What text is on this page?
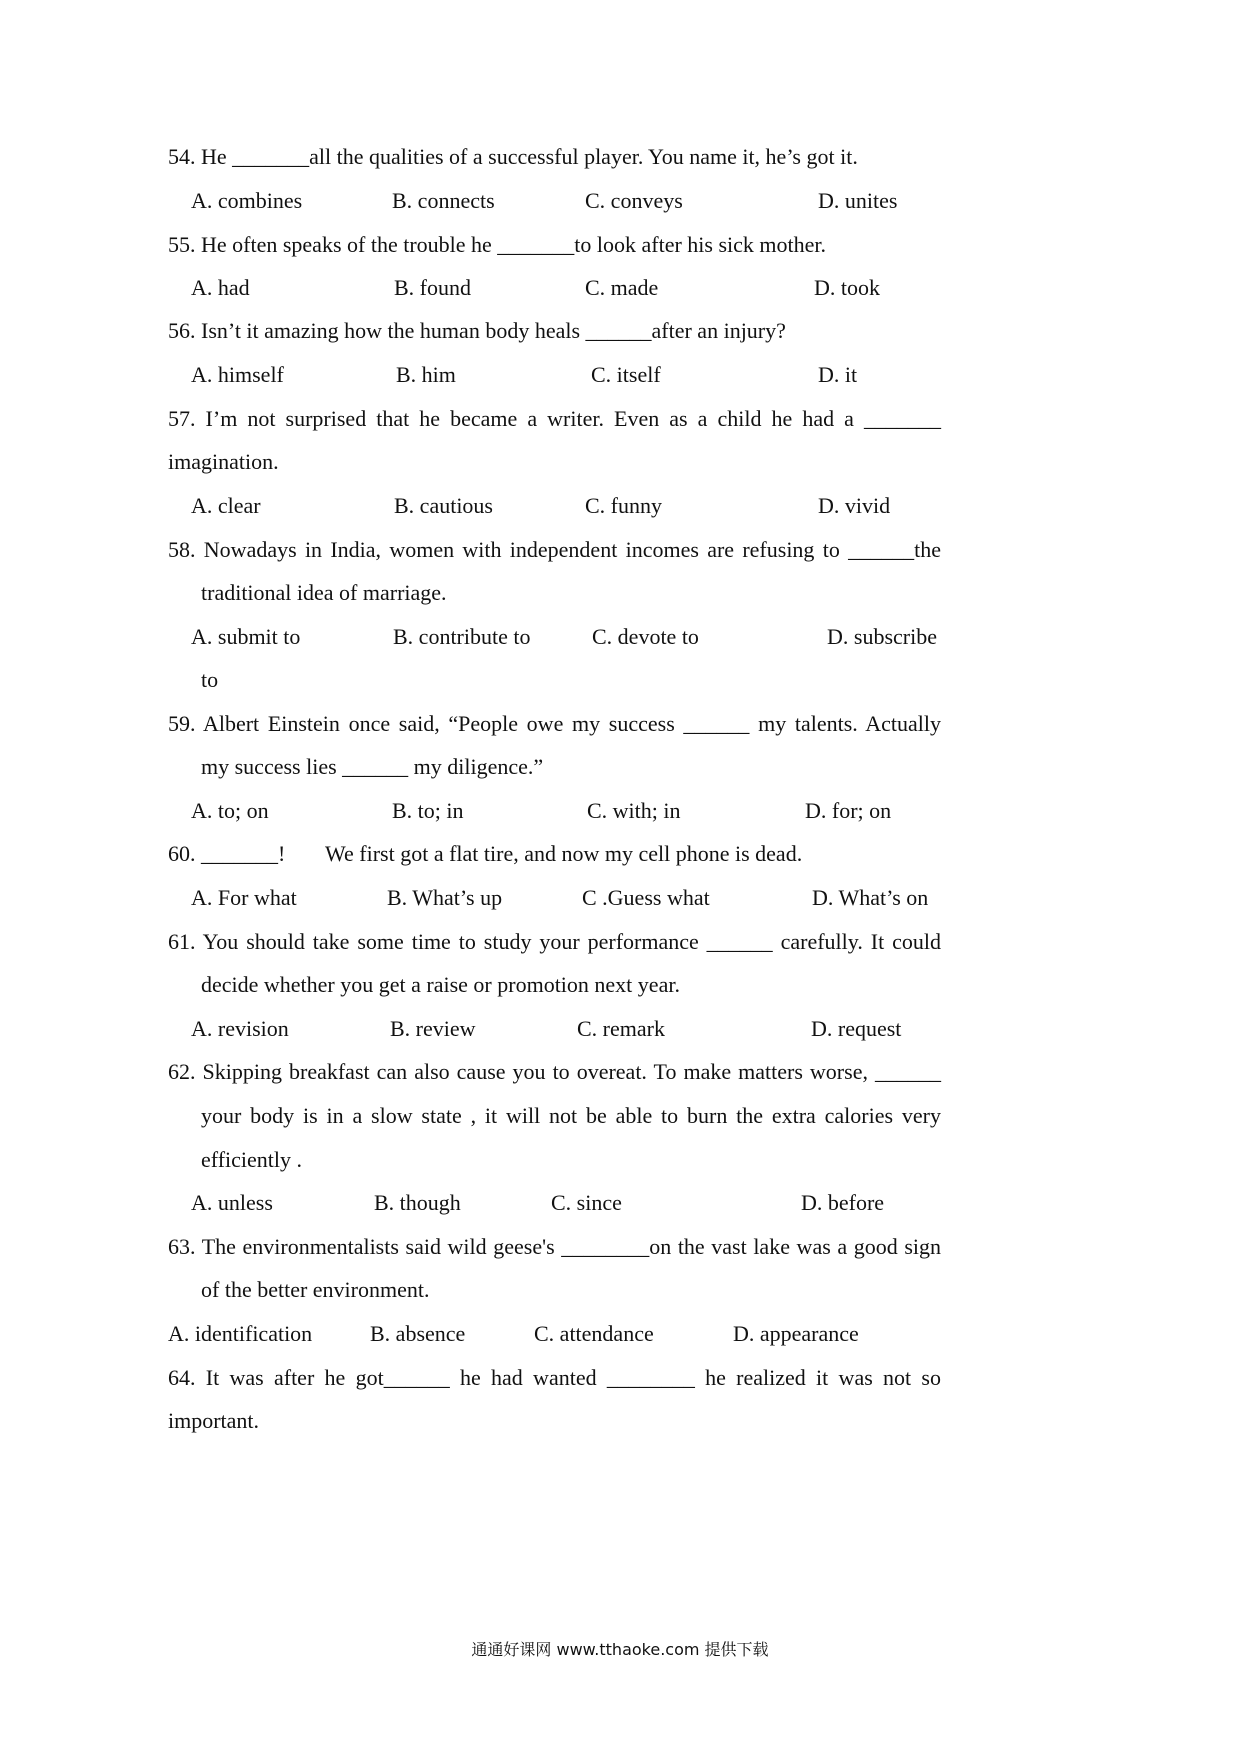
54. He _______all the qualities of a successful player. You name it, he’s got it.
A. combines	B. connects	C. conveys	D. unites
55. He often speaks of the trouble he _______to look after his sick mother.
A. had	B. found	C. made	D. took
56. Isn’t it amazing how the human body heals ______after an injury?
A. himself	B. him	C. itself	D. it
57. I’m not surprised that he became a writer. Even as a child he had a _______
imagination.
A. clear	B. cautious	C. funny	D. vivid
58. Nowadays in India, women with independent incomes are refusing to ______the
traditional idea of marriage.
A. submit to	B. contribute to	C. devote to	D. subscribe
to
59. Albert Einstein once said, “People owe my success ______ my talents. Actually
my success lies ______ my diligence.”
A. to; on	B. to; in	C. with; in	D. for; on
60. _______! We first got a flat tire, and now my cell phone is dead.
A. For what	B. What’s up	C .Guess what	D. What’s on
61. You should take some time to study your performance ______ carefully. It could
decide whether you get a raise or promotion next year.
A. revision	B. review	C. remark	D. request
62. Skipping breakfast can also cause you to overeat. To make matters worse, ______
your body is in a slow state , it will not be able to burn the extra calories very
efficiently .
A. unless	B. though	C. since	D. before
63. The environmentalists said wild geese's ________on the vast lake was a good sign
of the better environment.
A. identification	B. absence	C. attendance	D. appearance
64. It was after he got______ he had wanted ________ he realized it was not so
important.
通通好课网 www.tthaoke.com 提供下载
